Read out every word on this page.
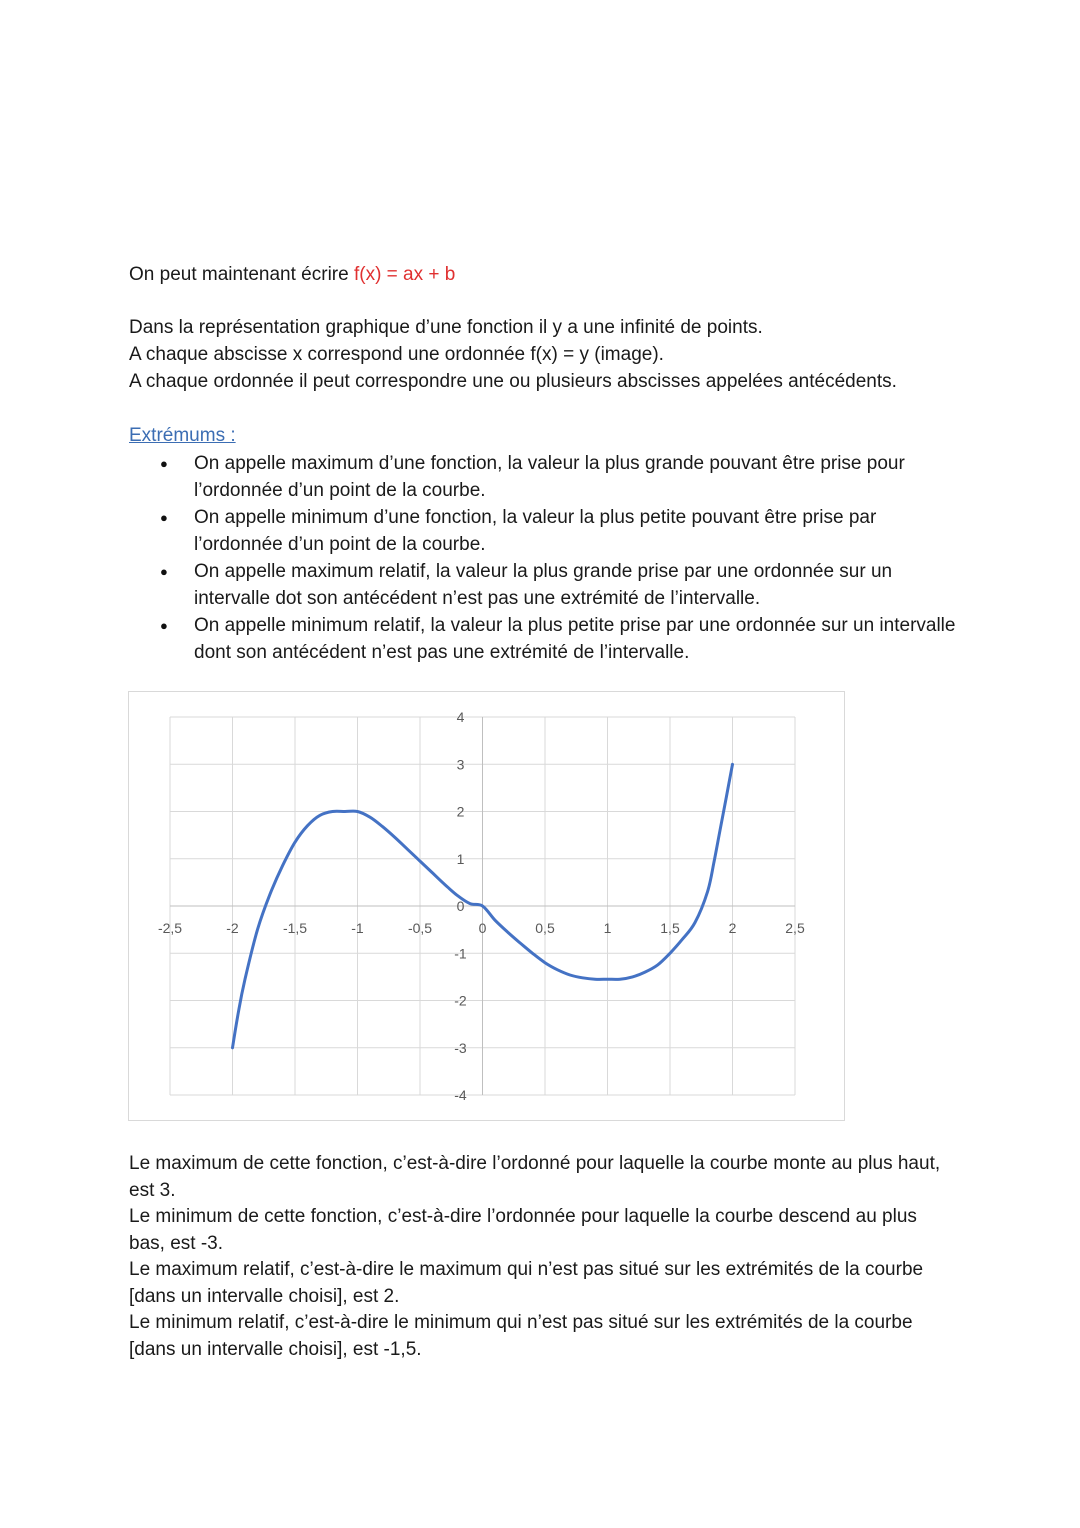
On peut maintenant écrire f(x) = ax + b
Dans la représentation graphique d’une fonction il y a une infinité de points.
A chaque abscisse x correspond une ordonnée f(x) = y (image).
A chaque ordonnée il peut correspondre une ou plusieurs abscisses appelées antécédents.
Extrémums :
● On appelle maximum d’une fonction, la valeur la plus grande pouvant être prise pour l’ordonnée d’un point de la courbe.
● On appelle minimum d’une fonction, la valeur la plus petite pouvant être prise par l’ordonnée d’un point de la courbe.
● On appelle maximum relatif, la valeur la plus grande prise par une ordonnée sur un intervalle dot son antécédent n’est pas une extrémité de l’intervalle.
● On appelle minimum relatif, la valeur la plus petite prise par une ordonnée sur un intervalle dont son antécédent n’est pas une extrémité de l’intervalle.
-2,5	-2	-1,5	-1	-0,5	0	0,5	1	1,5	2	2,5
4
3
2
1
0
-1
-2
-3
-4

Le maximum de cette fonction, c’est-à-dire l’ordonné pour laquelle la courbe monte au plus haut, est 3.

Le minimum de cette fonction, c’est-à-dire l’ordonnée pour laquelle la courbe descend au plus bas, est -3.

Le maximum relatif, c’est-à-dire le maximum qui n’est pas situé sur les extrémités de la courbe [dans un intervalle choisi], est 2.

Le minimum relatif, c’est-à-dire le minimum qui n’est pas situé sur les extrémités de la courbe [dans un intervalle choisi], est -1,5.
